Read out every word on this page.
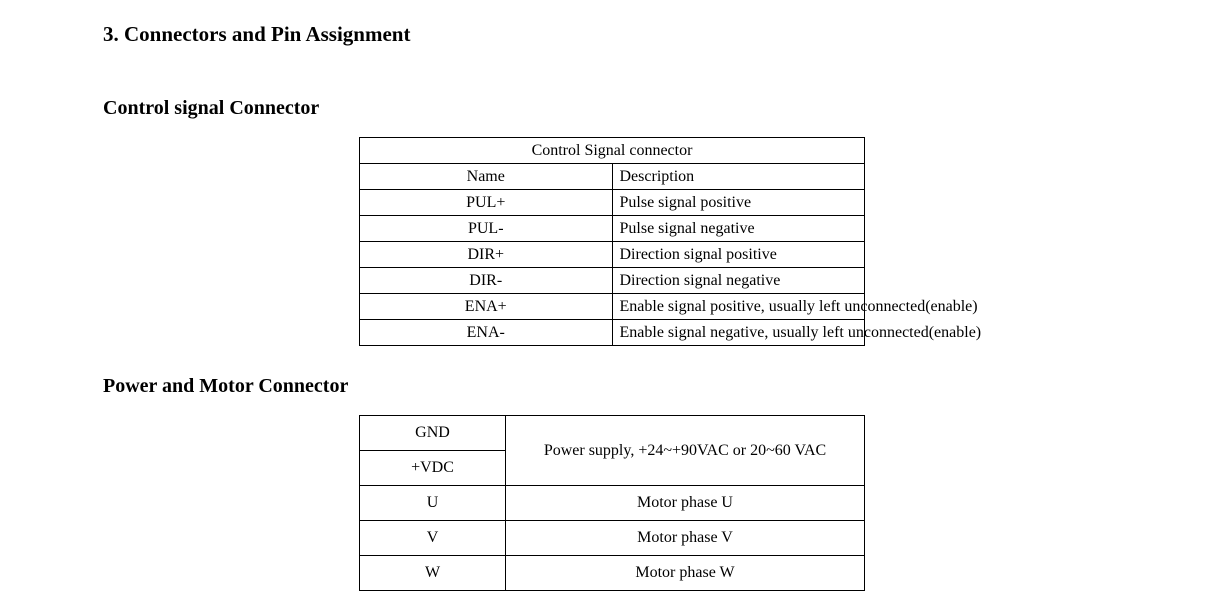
3. Connectors and Pin Assignment
Control signal Connector
Control Signal connector	
Name	Description
PUL+	Pulse signal positive
PUL-	Pulse signal negative
DIR+	Direction signal positive
DIR-	Direction signal negative
ENA+	Enable signal positive, usually left unconnected(enable)
ENA-	Enable signal negative, usually left unconnected(enable)
Power and Motor Connector
GND	Power supply, +24~+90VAC or 20~60 VAC
+VDC	
U	Motor phase U
V	Motor phase V
W	Motor phase W
